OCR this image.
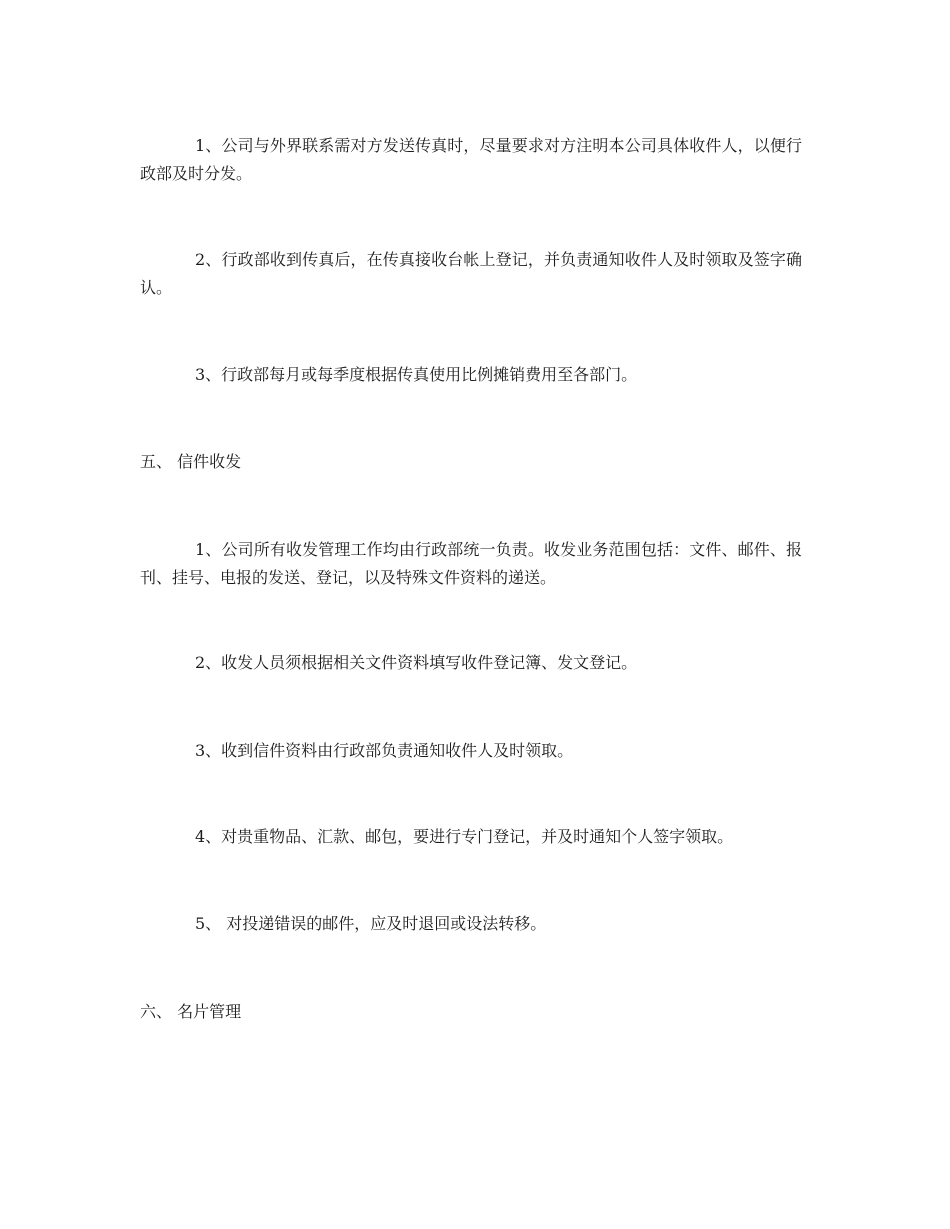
1、公司与外界联系需对方发送传真时，尽量要求对方注明本公司具体收件人，以便行政部及时分发。

2、行政部收到传真后，在传真接收台帐上登记，并负责通知收件人及时领取及签字确认。

3、行政部每月或每季度根据传真使用比例摊销费用至各部门。

五、 信件收发

1、公司所有收发管理工作均由行政部统一负责。收发业务范围包括：文件、邮件、报刊、挂号、电报的发送、登记，以及特殊文件资料的递送。

2、收发人员须根据相关文件资料填写收件登记簿、发文登记。

3、收到信件资料由行政部负责通知收件人及时领取。

4、对贵重物品、汇款、邮包，要进行专门登记，并及时通知个人签字领取。

5、 对投递错误的邮件，应及时退回或设法转移。

六、 名片管理
